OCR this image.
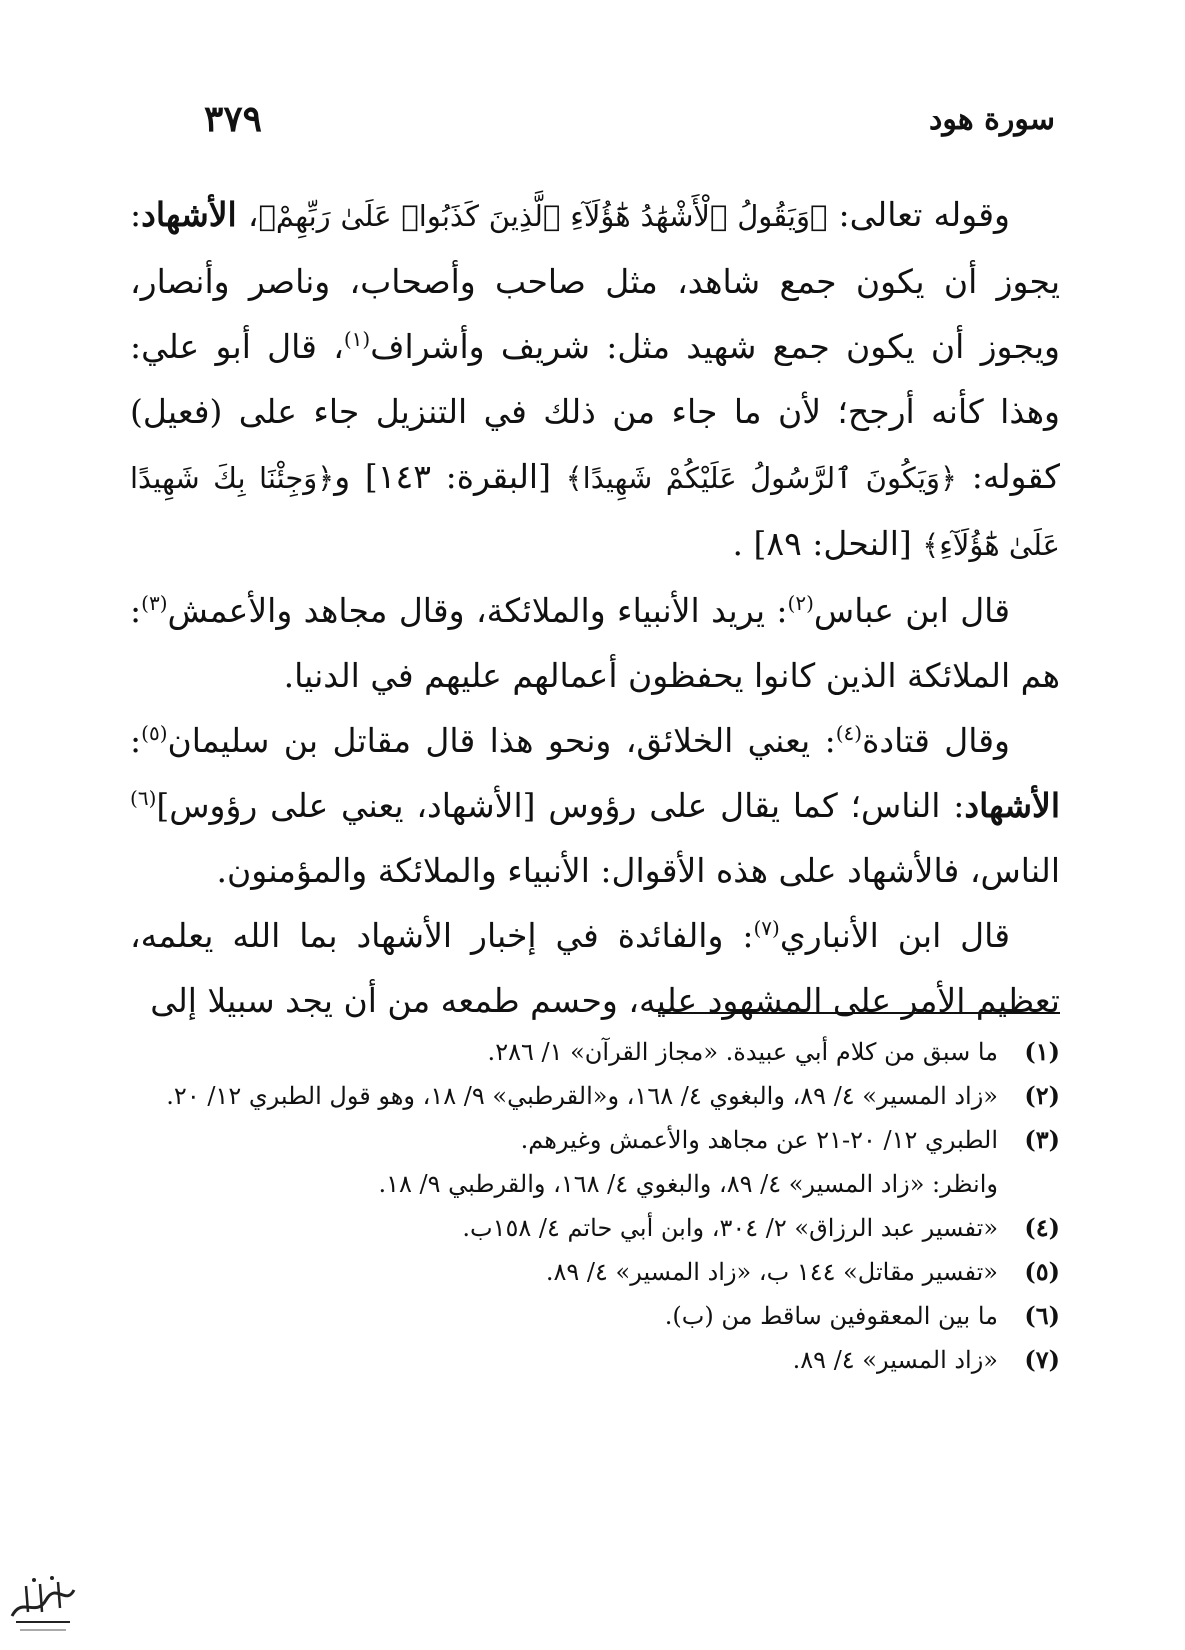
٣٧٩	سورة هود

وقوله تعالى: ﴿وَيَقُولُ ٱلْأَشْهَٰدُ هَٰٓؤُلَآءِ ٱلَّذِينَ كَذَبُوا۟ عَلَىٰ رَبِّهِمْ﴾، الأشهاد: يجوز أن يكون جمع شاهد، مثل صاحب وأصحاب، وناصر وأنصار، ويجوز أن يكون جمع شهيد مثل: شريف وأشراف$^{(١)}$، قال أبو علي: وهذا كأنه أرجح؛ لأن ما جاء من ذلك في التنزيل جاء على (فعيل) كقوله: ﴿وَيَكُونَ ٱلرَّسُولُ عَلَيْكُمْ شَهِيدًا﴾ [البقرة: ١٤٣] و﴿وَجِئْنَا بِكَ شَهِيدًا عَلَىٰ هَٰٓؤُلَآءِ﴾ [النحل: ٨٩] .

قال ابن عباس$^{(٢)}$: يريد الأنبياء والملائكة، وقال مجاهد والأعمش$^{(٣)}$: هم الملائكة الذين كانوا يحفظون أعمالهم عليهم في الدنيا.

وقال قتادة$^{(٤)}$: يعني الخلائق، ونحو هذا قال مقاتل بن سليمان$^{(٥)}$: الأشهاد: الناس؛ كما يقال على رؤوس [الأشهاد، يعني على رؤوس]$^{(٦)}$ الناس، فالأشهاد على هذه الأقوال: الأنبياء والملائكة والمؤمنون.

قال ابن الأنباري$^{(٧)}$: والفائدة في إخبار الأشهاد بما الله يعلمه، تعظيم الأمر على المشهود عليه، وحسم طمعه من أن يجد سبيلا إلى

(١)
ما سبق من كلام أبي عبيدة. «مجاز القرآن» ١/ ٢٨٦.
(٢)
«زاد المسير» ٤/ ٨٩، والبغوي ٤/ ١٦٨، و«القرطبي» ٩/ ١٨، وهو قول الطبري ١٢/ ٢٠.
(٣)
الطبري ١٢/ ٢٠-٢١ عن مجاهد والأعمش وغيرهم.
وانظر: «زاد المسير» ٤/ ٨٩، والبغوي ٤/ ١٦٨، والقرطبي ٩/ ١٨.
(٤)
«تفسير عبد الرزاق» ٢/ ٣٠٤، وابن أبي حاتم ٤/ ١٥٨ب.
(٥)
«تفسير مقاتل» ١٤٤ ب، «زاد المسير» ٤/ ٨٩.
(٦)
ما بين المعقوفين ساقط من (ب).
(٧)
«زاد المسير» ٤/ ٨٩.
